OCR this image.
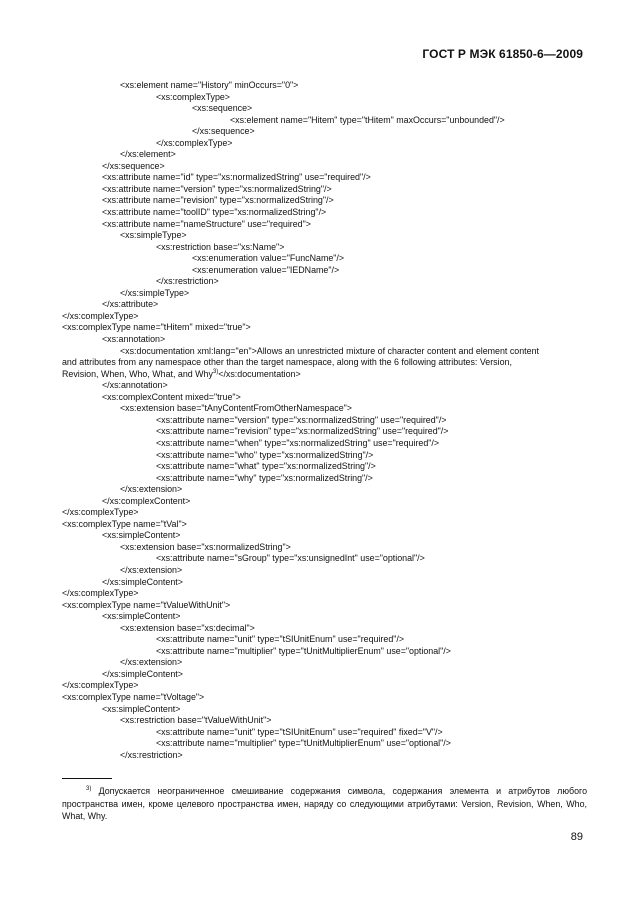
ГОСТ Р МЭК 61850-6—2009
<xs:element name="History" minOccurs="0">
<xs:complexType>
<xs:sequence>
<xs:element name="Hitem" type="tHitem" maxOccurs="unbounded"/>
</xs:sequence>
</xs:complexType>
</xs:element>
</xs:sequence>
<xs:attribute name="id" type="xs:normalizedString" use="required"/>
<xs:attribute name="version" type="xs:normalizedString"/>
<xs:attribute name="revision" type="xs:normalizedString"/>
<xs:attribute name="toolID" type="xs:normalizedString"/>
<xs:attribute name="nameStructure" use="required">
<xs:simpleType>
<xs:restriction base="xs:Name">
<xs:enumeration value="FuncName"/>
<xs:enumeration value="IEDName"/>
</xs:restriction>
</xs:simpleType>
</xs:attribute>
</xs:complexType>
<xs:complexType name="tHitem" mixed="true">
<xs:annotation>
<xs:documentation xml:lang="en">Allows an unrestricted mixture of character content and element content
and attributes from any namespace other than the target namespace, along with the 6 following attributes: Version,
Revision, When, Who, What, and Why$^{3)}$</xs:documentation>
</xs:annotation>
<xs:complexContent mixed="true">
<xs:extension base="tAnyContentFromOtherNamespace">
<xs:attribute name="version" type="xs:normalizedString" use="required"/>
<xs:attribute name="revision" type="xs:normalizedString" use="required"/>
<xs:attribute name="when" type="xs:normalizedString" use="required"/>
<xs:attribute name="who" type="xs:normalizedString"/>
<xs:attribute name="what" type="xs:normalizedString"/>
<xs:attribute name="why" type="xs:normalizedString"/>
</xs:extension>
</xs:complexContent>
</xs:complexType>
<xs:complexType name="tVal">
<xs:simpleContent>
<xs:extension base="xs:normalizedString">
<xs:attribute name="sGroup" type="xs:unsignedInt" use="optional"/>
</xs:extension>
</xs:simpleContent>
</xs:complexType>
<xs:complexType name="tValueWithUnit">
<xs:simpleContent>
<xs:extension base="xs:decimal">
<xs:attribute name="unit" type="tSIUnitEnum" use="required"/>
<xs:attribute name="multiplier" type="tUnitMultiplierEnum" use="optional"/>
</xs:extension>
</xs:simpleContent>
</xs:complexType>
<xs:complexType name="tVoltage">
<xs:simpleContent>
<xs:restriction base="tValueWithUnit">
<xs:attribute name="unit" type="tSIUnitEnum" use="required" fixed="V"/>
<xs:attribute name="multiplier" type="tUnitMultiplierEnum" use="optional"/>
</xs:restriction>
$^{3)}$ Допускается неограниченное смешивание содержания символа, содержания элемента и атрибутов любого пространства имен, кроме целевого пространства имен, наряду со следующими атрибутами: Version, Revision, When, Who, What, Why.
89
